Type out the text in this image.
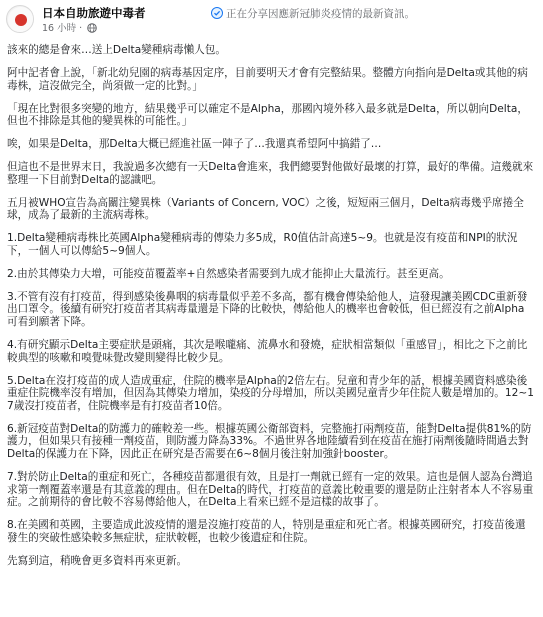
日本自助旅遊中毒者	正在分享因應新冠肺炎疫情的最新資訊。
16 小時 ·

該來的總是會來…送上Delta變種病毒懶人包。

阿中記者會上說，「新北幼兒園的病毒基因定序，目前要明天才會有完整結果。整體方向指向是Delta或其他的病毒株，這沒做完全，尚須做一定的比對。」

「現在比對很多突變的地方，結果幾乎可以確定不是Alpha，那國內境外移入最多就是Delta，所以朝向Delta，但也不排除是其他的變異株的可能性。」

唉，如果是Delta，那Delta大概已經進社區一陣子了…我還真希望阿中搞錯了…

但這也不是世界末日，我說過多次總有一天Delta會進來，我們總要對他做好最壞的打算，最好的準備。這幾就來整理一下目前對Delta的認識吧。

五月被WHO宣告為高關注變異株（Variants of Concern, VOC）之後，短短兩三個月，Delta病毒幾乎席捲全球，成為了最新的主流病毒株。

1.Delta變種病毒株比英國Alpha變種病毒的傳染力多5成，R0值估計高達5~9。也就是沒有疫苗和NPI的狀況下，一個人可以傳給5~9個人。

2.由於其傳染力大增，可能疫苗覆蓋率+自然感染者需要到九成才能抑止大量流行。甚至更高。

3.不管有沒有打疫苗，得到感染後鼻咽的病毒量似乎差不多高，都有機會傳染給他人，這發現讓美國CDC重新發出口罩令。後續有研究打疫苗者其病毒量還是下降的比較快，傳給他人的機率也會較低，但已經沒有之前Alpha可看到願著下降。

4.有研究顯示Delta主要症狀是頭痛，其次是喉嚨痛、流鼻水和發燒，症狀相當類似「重感冒」，相比之下之前比較典型的咳嗽和嗅覺味覺改變則變得比較少見。

5.Delta在沒打疫苗的成人造成重症，住院的機率是Alpha的2倍左右。兒童和青少年的話，根據美國資料感染後重症住院機率沒有增加，但因為其傳染力增加，染疫的分母增加，所以美國兒童青少年住院人數是增加的。12~17歲沒打疫苗者，住院機率是有打疫苗者10倍。

6.新冠疫苗對Delta的防護力的確較差一些。根據英國公衛部資料，完整施打兩劑疫苗，能對Delta提供81%的防護力，但如果只有接種一劑疫苗，則防護力降為33%。不過世界各地陸續看到在疫苗在施打兩劑後隨時間過去對Delta的保護力在下降，因此正在研究是否需要在6~8個月後注射加強針booster。

7.對於防止Delta的重症和死亡，各種疫苗都還很有效，且是打一劑就已經有一定的效果。這也是個人認為台灣追求第一劑覆蓋率還是有其意義的理由。但在Delta的時代，打疫苗的意義比較重要的還是防止注射者本人不容易重症。之前期待的會比較不容易傳給他人，在Delta上看來已經不是這樣的故事了。

8.在美國和英國，主要造成此波疫情的還是沒施打疫苗的人，特別是重症和死亡者。根據英國研究，打疫苗後還發生的突破性感染較多無症狀，症狀較輕，也較少後遺症和住院。

先寫到這，稍晚會更多資料再來更新。
